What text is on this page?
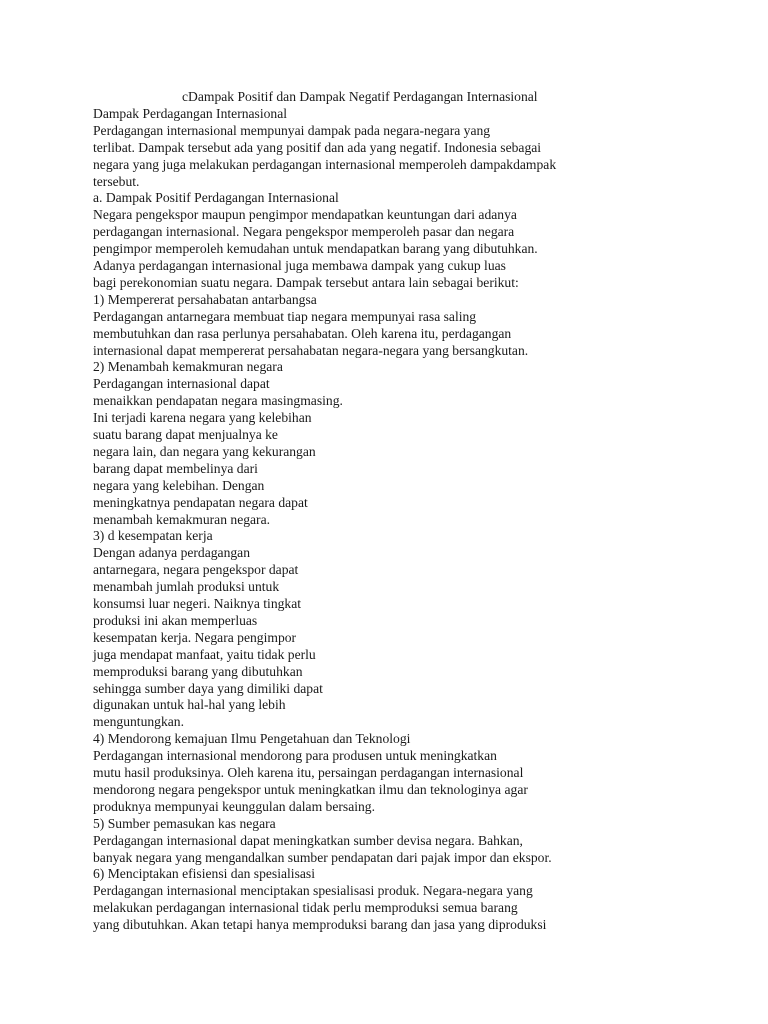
cDampak Positif dan Dampak Negatif Perdagangan Internasional

Dampak Perdagangan Internasional

Perdagangan internasional mempunyai dampak pada negara-negara yang

terlibat. Dampak tersebut ada yang positif dan ada yang negatif. Indonesia sebagai

negara yang juga melakukan perdagangan internasional memperoleh dampakdampak

tersebut.

a. Dampak Positif Perdagangan Internasional

Negara pengekspor maupun pengimpor mendapatkan keuntungan dari adanya

perdagangan internasional. Negara pengekspor memperoleh pasar dan negara

pengimpor memperoleh kemudahan untuk mendapatkan barang yang dibutuhkan.

Adanya perdagangan internasional juga membawa dampak yang cukup luas

bagi perekonomian suatu negara. Dampak tersebut antara lain sebagai berikut:

1) Mempererat persahabatan antarbangsa

Perdagangan antarnegara membuat tiap negara mempunyai rasa saling

membutuhkan dan rasa perlunya persahabatan. Oleh karena itu, perdagangan

internasional dapat mempererat persahabatan negara-negara yang bersangkutan.

2) Menambah kemakmuran negara

Perdagangan internasional dapat

menaikkan pendapatan negara masingmasing.

Ini terjadi karena negara yang kelebihan

suatu barang dapat menjualnya ke

negara lain, dan negara yang kekurangan

barang dapat membelinya dari

negara yang kelebihan. Dengan

meningkatnya pendapatan negara dapat

menambah kemakmuran negara.

3) d kesempatan kerja

Dengan adanya perdagangan

antarnegara, negara pengekspor dapat

menambah jumlah produksi untuk

konsumsi luar negeri. Naiknya tingkat

produksi ini akan memperluas

kesempatan kerja. Negara pengimpor

juga mendapat manfaat, yaitu tidak perlu

memproduksi barang yang dibutuhkan

sehingga sumber daya yang dimiliki dapat

digunakan untuk hal-hal yang lebih

menguntungkan.

4) Mendorong kemajuan Ilmu Pengetahuan dan Teknologi

Perdagangan internasional mendorong para produsen untuk meningkatkan

mutu hasil produksinya. Oleh karena itu, persaingan perdagangan internasional

mendorong negara pengekspor untuk meningkatkan ilmu dan teknologinya agar

produknya mempunyai keunggulan dalam bersaing.

5) Sumber pemasukan kas negara

Perdagangan internasional dapat meningkatkan sumber devisa negara. Bahkan,

banyak negara yang mengandalkan sumber pendapatan dari pajak impor dan ekspor.

6) Menciptakan efisiensi dan spesialisasi

Perdagangan internasional menciptakan spesialisasi produk. Negara-negara yang

melakukan perdagangan internasional tidak perlu memproduksi semua barang

yang dibutuhkan. Akan tetapi hanya memproduksi barang dan jasa yang diproduksi
